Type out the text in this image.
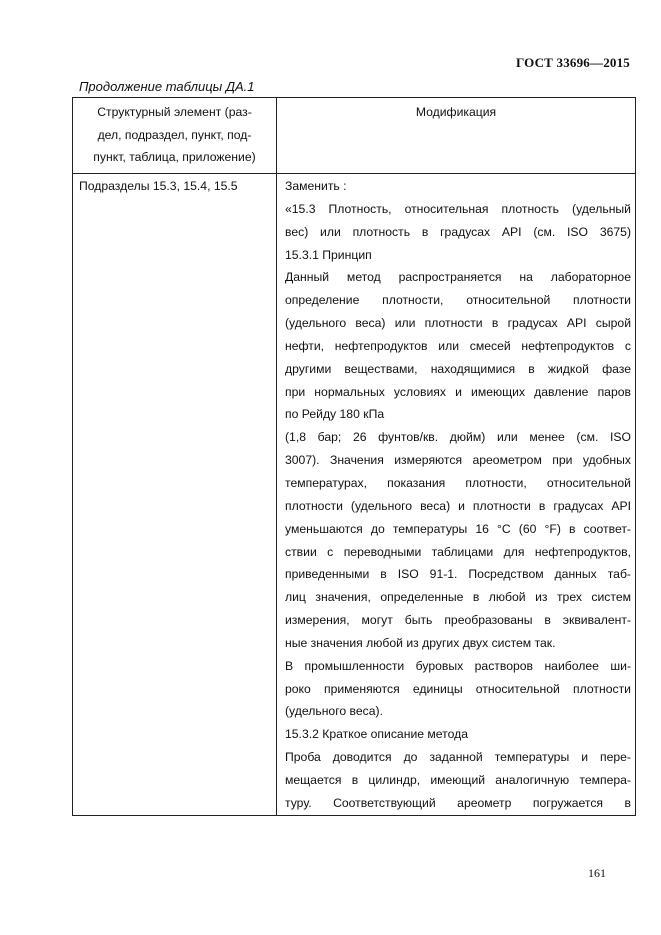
ГОСТ 33696—2015
Продолжение таблицы ДА.1
Структурный элемент (раз-
дел, подраздел, пункт, под-
пункт, таблица, приложение)
Модификация
Подразделы 15.3, 15.4, 15.5	Заменить :
«15.3 Плотность, относительная плотность (удельный
вес) или плотность в градусах API (см. ISO 3675)
15.3.1 Принцип
Данный метод распространяется на лабораторное
определение плотности, относительной плотности
(удельного веса) или плотности в градусах API сырой
нефти, нефтепродуктов или смесей нефтепродуктов с
другими веществами, находящимися в жидкой фазе
при нормальных условиях и имеющих давление паров
по Рейду 180 кПа
(1,8 бар; 26 фунтов/кв. дюйм) или менее (см. ISO
3007). Значения измеряются ареометром при удобных
температурах, показания плотности, относительной
плотности (удельного веса) и плотности в градусах API
уменьшаются до температуры 16 °С (60 °F) в соответ-
ствии с переводными таблицами для нефтепродуктов,
приведенными в ISO 91-1. Посредством данных таб-
лиц значения, определенные в любой из трех систем
измерения, могут быть преобразованы в эквивалент-
ные значения любой из других двух систем так.
В промышленности буровых растворов наиболее ши-
роко применяются единицы относительной плотности
(удельного веса).
15.3.2 Краткое описание метода
Проба доводится до заданной температуры и пере-
мещается в цилиндр, имеющий аналогичную темпера-
туру. Соответствующий ареометр погружается в
161
